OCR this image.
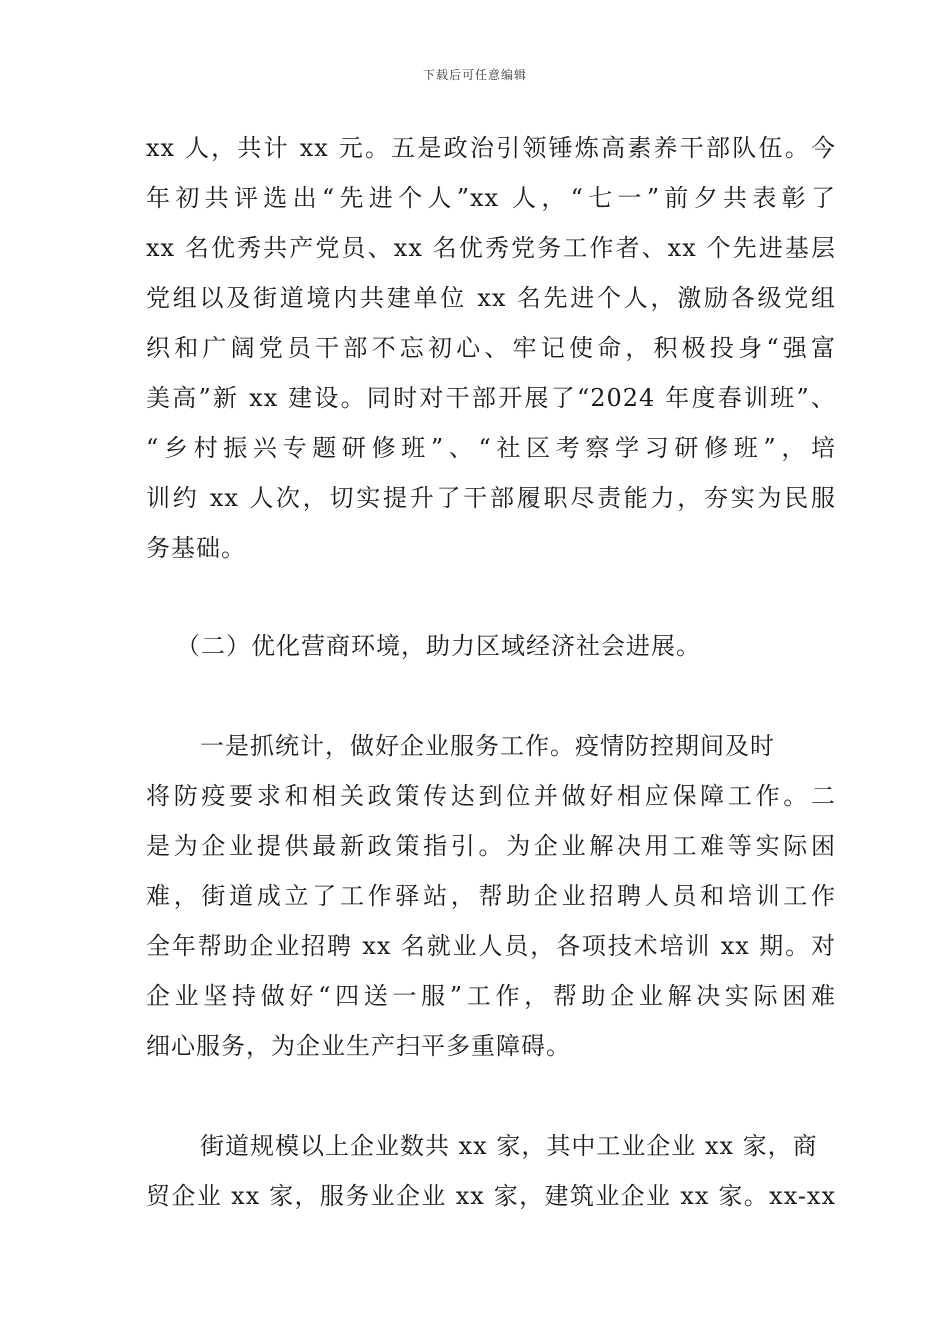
下载后可任意编辑
xx 人，共计 xx 元。五是政治引领锤炼高素养干部队伍。今
年初共评选出“先进个人”xx 人，“七一”前夕共表彰了
xx 名优秀共产党员、xx 名优秀党务工作者、xx 个先进基层
党组以及街道境内共建单位 xx 名先进个人，激励各级党组
织和广阔党员干部不忘初心、牢记使命，积极投身“强富
美高”新 xx 建设。同时对干部开展了“2024 年度春训班”、
“乡村振兴专题研修班”、“社区考察学习研修班”，培
训约 xx 人次，切实提升了干部履职尽责能力，夯实为民服
务基础。
（二）优化营商环境，助力区域经济社会进展。
一是抓统计，做好企业服务工作。疫情防控期间及时
将防疫要求和相关政策传达到位并做好相应保障工作。二
是为企业提供最新政策指引。为企业解决用工难等实际困
难，街道成立了工作驿站，帮助企业招聘人员和培训工作
全年帮助企业招聘 xx 名就业人员，各项技术培训 xx 期。对
企业坚持做好“四送一服”工作，帮助企业解决实际困难
细心服务，为企业生产扫平多重障碍。
街道规模以上企业数共 xx 家，其中工业企业 xx 家，商
贸企业 xx 家，服务业企业 xx 家，建筑业企业 xx 家。xx-xx
